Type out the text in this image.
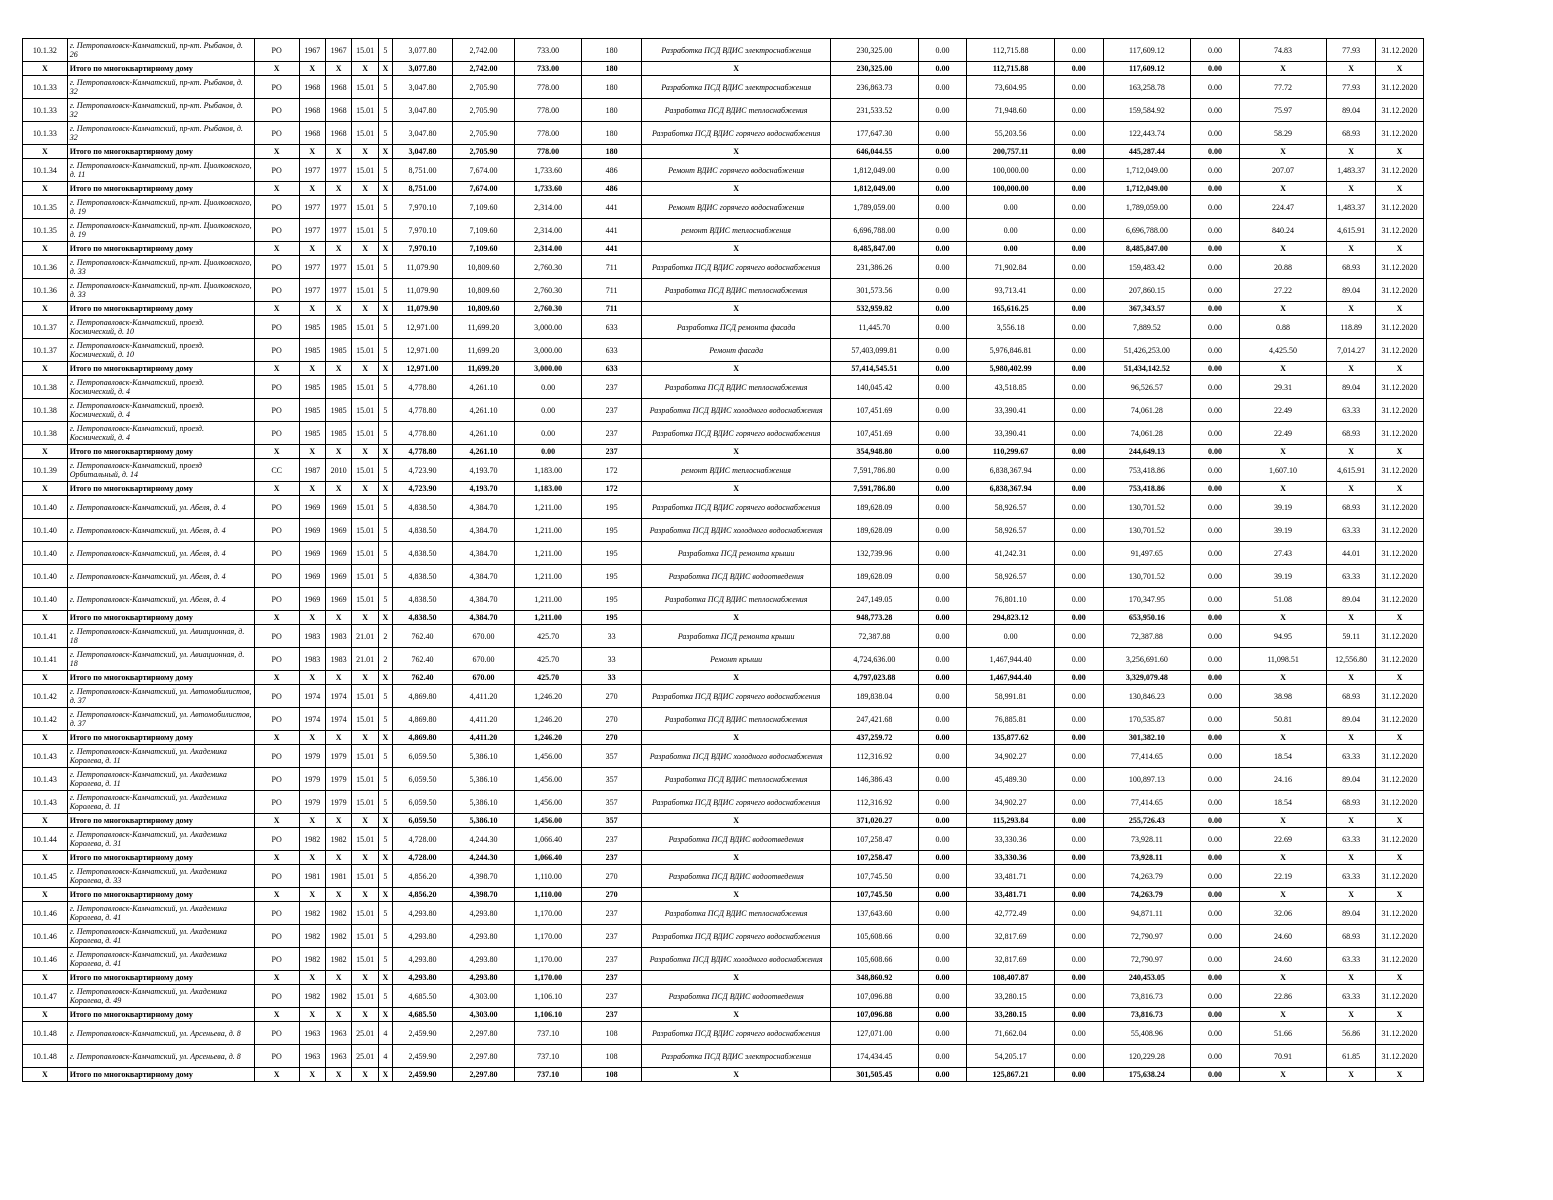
10.1.32	г. Петропавловск-Камчатский, пр-кт. Рыбаков, д. 26	PO	1967	1967	15.01	5	3,077.80	2,742.00	733.00	180	Разработка ПСД ВДИС электроснабжения	230,325.00	0.00	112,715.88	0.00	117,609.12	0.00	74.83	77.93	31.12.2020
X	Итого по многоквартирному дому	X	X	X	X	X	3,077.80	2,742.00	733.00	180	X	230,325.00	0.00	112,715.88	0.00	117,609.12	0.00	X	X	X
10.1.33	г. Петропавловск-Камчатский, пр-кт. Рыбаков, д. 32	PO	1968	1968	15.01	5	3,047.80	2,705.90	778.00	180	Разработка ПСД ВДИС электроснабжения	236,863.73	0.00	73,604.95	0.00	163,258.78	0.00	77.72	77.93	31.12.2020
10.1.33	г. Петропавловск-Камчатский, пр-кт. Рыбаков, д. 32	PO	1968	1968	15.01	5	3,047.80	2,705.90	778.00	180	Разработка ПСД ВДИС теплоснабжения	231,533.52	0.00	71,948.60	0.00	159,584.92	0.00	75.97	89.04	31.12.2020
10.1.33	г. Петропавловск-Камчатский, пр-кт. Рыбаков, д. 32	PO	1968	1968	15.01	5	3,047.80	2,705.90	778.00	180	Разработка ПСД ВДИС горячего водоснабжения	177,647.30	0.00	55,203.56	0.00	122,443.74	0.00	58.29	68.93	31.12.2020
X	Итого по многоквартирному дому	X	X	X	X	X	3,047.80	2,705.90	778.00	180	X	646,044.55	0.00	200,757.11	0.00	445,287.44	0.00	X	X	X
10.1.34	г. Петропавловск-Камчатский, пр-кт. Циолковского, д. 11	PO	1977	1977	15.01	5	8,751.00	7,674.00	1,733.60	486	Ремонт ВДИС горячего водоснабжения	1,812,049.00	0.00	100,000.00	0.00	1,712,049.00	0.00	207.07	1,483.37	31.12.2020
X	Итого по многоквартирному дому	X	X	X	X	X	8,751.00	7,674.00	1,733.60	486	X	1,812,049.00	0.00	100,000.00	0.00	1,712,049.00	0.00	X	X	X
10.1.35	г. Петропавловск-Камчатский, пр-кт. Циолковского, д. 19	PO	1977	1977	15.01	5	7,970.10	7,109.60	2,314.00	441	Ремонт ВДИС горячего водоснабжения	1,789,059.00	0.00	0.00	0.00	1,789,059.00	0.00	224.47	1,483.37	31.12.2020
10.1.35	г. Петропавловск-Камчатский, пр-кт. Циолковского, д. 19	PO	1977	1977	15.01	5	7,970.10	7,109.60	2,314.00	441	ремонт ВДИС теплоснабжения	6,696,788.00	0.00	0.00	0.00	6,696,788.00	0.00	840.24	4,615.91	31.12.2020
X	Итого по многоквартирному дому	X	X	X	X	X	7,970.10	7,109.60	2,314.00	441	X	8,485,847.00	0.00	0.00	0.00	8,485,847.00	0.00	X	X	X
10.1.36	г. Петропавловск-Камчатский, пр-кт. Циолковского, д. 33	PO	1977	1977	15.01	5	11,079.90	10,809.60	2,760.30	711	Разработка ПСД ВДИС горячего водоснабжения	231,386.26	0.00	71,902.84	0.00	159,483.42	0.00	20.88	68.93	31.12.2020
10.1.36	г. Петропавловск-Камчатский, пр-кт. Циолковского, д. 33	PO	1977	1977	15.01	5	11,079.90	10,809.60	2,760.30	711	Разработка ПСД ВДИС теплоснабжения	301,573.56	0.00	93,713.41	0.00	207,860.15	0.00	27.22	89.04	31.12.2020
X	Итого по многоквартирному дому	X	X	X	X	X	11,079.90	10,809.60	2,760.30	711	X	532,959.82	0.00	165,616.25	0.00	367,343.57	0.00	X	X	X
10.1.37	г. Петропавловск-Камчатский, проезд. Космический, д. 10	PO	1985	1985	15.01	5	12,971.00	11,699.20	3,000.00	633	Разработка ПСД ремонта фасада	11,445.70	0.00	3,556.18	0.00	7,889.52	0.00	0.88	118.89	31.12.2020
10.1.37	г. Петропавловск-Камчатский, проезд. Космический, д. 10	PO	1985	1985	15.01	5	12,971.00	11,699.20	3,000.00	633	Ремонт фасада	57,403,099.81	0.00	5,976,846.81	0.00	51,426,253.00	0.00	4,425.50	7,014.27	31.12.2020
X	Итого по многоквартирному дому	X	X	X	X	X	12,971.00	11,699.20	3,000.00	633	X	57,414,545.51	0.00	5,980,402.99	0.00	51,434,142.52	0.00	X	X	X
10.1.38	г. Петропавловск-Камчатский, проезд. Космический, д. 4	PO	1985	1985	15.01	5	4,778.80	4,261.10	0.00	237	Разработка ПСД ВДИС теплоснабжения	140,045.42	0.00	43,518.85	0.00	96,526.57	0.00	29.31	89.04	31.12.2020
10.1.38	г. Петропавловск-Камчатский, проезд. Космический, д. 4	PO	1985	1985	15.01	5	4,778.80	4,261.10	0.00	237	Разработка ПСД ВДИС холодного водоснабжения	107,451.69	0.00	33,390.41	0.00	74,061.28	0.00	22.49	63.33	31.12.2020
10.1.38	г. Петропавловск-Камчатский, проезд. Космический, д. 4	PO	1985	1985	15.01	5	4,778.80	4,261.10	0.00	237	Разработка ПСД ВДИС горячего водоснабжения	107,451.69	0.00	33,390.41	0.00	74,061.28	0.00	22.49	68.93	31.12.2020
X	Итого по многоквартирному дому	X	X	X	X	X	4,778.80	4,261.10	0.00	237	X	354,948.80	0.00	110,299.67	0.00	244,649.13	0.00	X	X	X
10.1.39	г. Петропавловск-Камчатский, проезд Орбитальный, д. 14	CC	1987	2010	15.01	5	4,723.90	4,193.70	1,183.00	172	ремонт ВДИС теплоснабжения	7,591,786.80	0.00	6,838,367.94	0.00	753,418.86	0.00	1,607.10	4,615.91	31.12.2020
X	Итого по многоквартирному дому	X	X	X	X	X	4,723.90	4,193.70	1,183.00	172	X	7,591,786.80	0.00	6,838,367.94	0.00	753,418.86	0.00	X	X	X
10.1.40	г. Петропавловск-Камчатский, ул. Абеля, д. 4	PO	1969	1969	15.01	5	4,838.50	4,384.70	1,211.00	195	Разработка ПСД ВДИС горячего водоснабжения	189,628.09	0.00	58,926.57	0.00	130,701.52	0.00	39.19	68.93	31.12.2020
10.1.40	г. Петропавловск-Камчатский, ул. Абеля, д. 4	PO	1969	1969	15.01	5	4,838.50	4,384.70	1,211.00	195	Разработка ПСД ВДИС холодного водоснабжения	189,628.09	0.00	58,926.57	0.00	130,701.52	0.00	39.19	63.33	31.12.2020
10.1.40	г. Петропавловск-Камчатский, ул. Абеля, д. 4	PO	1969	1969	15.01	5	4,838.50	4,384.70	1,211.00	195	Разработка ПСД ремонта крыши	132,739.96	0.00	41,242.31	0.00	91,497.65	0.00	27.43	44.01	31.12.2020
10.1.40	г. Петропавловск-Камчатский, ул. Абеля, д. 4	PO	1969	1969	15.01	5	4,838.50	4,384.70	1,211.00	195	Разработка ПСД ВДИС водоотведения	189,628.09	0.00	58,926.57	0.00	130,701.52	0.00	39.19	63.33	31.12.2020
10.1.40	г. Петропавловск-Камчатский, ул. Абеля, д. 4	PO	1969	1969	15.01	5	4,838.50	4,384.70	1,211.00	195	Разработка ПСД ВДИС теплоснабжения	247,149.05	0.00	76,801.10	0.00	170,347.95	0.00	51.08	89.04	31.12.2020
X	Итого по многоквартирному дому	X	X	X	X	X	4,838.50	4,384.70	1,211.00	195	X	948,773.28	0.00	294,823.12	0.00	653,950.16	0.00	X	X	X
10.1.41	г. Петропавловск-Камчатский, ул. Авиационная, д. 18	PO	1983	1983	21.01	2	762.40	670.00	425.70	33	Разработка ПСД ремонта крыши	72,387.88	0.00	0.00	0.00	72,387.88	0.00	94.95	59.11	31.12.2020
10.1.41	г. Петропавловск-Камчатский, ул. Авиационная, д. 18	PO	1983	1983	21.01	2	762.40	670.00	425.70	33	Ремонт крыши	4,724,636.00	0.00	1,467,944.40	0.00	3,256,691.60	0.00	11,098.51	12,556.80	31.12.2020
X	Итого по многоквартирному дому	X	X	X	X	X	762.40	670.00	425.70	33	X	4,797,023.88	0.00	1,467,944.40	0.00	3,329,079.48	0.00	X	X	X
10.1.42	г. Петропавловск-Камчатский, ул. Автомобилистов, д. 37	PO	1974	1974	15.01	5	4,869.80	4,411.20	1,246.20	270	Разработка ПСД ВДИС горячего водоснабжения	189,838.04	0.00	58,991.81	0.00	130,846.23	0.00	38.98	68.93	31.12.2020
10.1.42	г. Петропавловск-Камчатский, ул. Автомобилистов, д. 37	PO	1974	1974	15.01	5	4,869.80	4,411.20	1,246.20	270	Разработка ПСД ВДИС теплоснабжения	247,421.68	0.00	76,885.81	0.00	170,535.87	0.00	50.81	89.04	31.12.2020
X	Итого по многоквартирному дому	X	X	X	X	X	4,869.80	4,411.20	1,246.20	270	X	437,259.72	0.00	135,877.62	0.00	301,382.10	0.00	X	X	X
10.1.43	г. Петропавловск-Камчатский, ул. Академика Королева, д. 11	PO	1979	1979	15.01	5	6,059.50	5,386.10	1,456.00	357	Разработка ПСД ВДИС холодного водоснабжения	112,316.92	0.00	34,902.27	0.00	77,414.65	0.00	18.54	63.33	31.12.2020
10.1.43	г. Петропавловск-Камчатский, ул. Академика Королева, д. 11	PO	1979	1979	15.01	5	6,059.50	5,386.10	1,456.00	357	Разработка ПСД ВДИС теплоснабжения	146,386.43	0.00	45,489.30	0.00	100,897.13	0.00	24.16	89.04	31.12.2020
10.1.43	г. Петропавловск-Камчатский, ул. Академика Королева, д. 11	PO	1979	1979	15.01	5	6,059.50	5,386.10	1,456.00	357	Разработка ПСД ВДИС горячего водоснабжения	112,316.92	0.00	34,902.27	0.00	77,414.65	0.00	18.54	68.93	31.12.2020
X	Итого по многоквартирному дому	X	X	X	X	X	6,059.50	5,386.10	1,456.00	357	X	371,020.27	0.00	115,293.84	0.00	255,726.43	0.00	X	X	X
10.1.44	г. Петропавловск-Камчатский, ул. Академика Королева, д. 31	PO	1982	1982	15.01	5	4,728.00	4,244.30	1,066.40	237	Разработка ПСД ВДИС водоотведения	107,258.47	0.00	33,330.36	0.00	73,928.11	0.00	22.69	63.33	31.12.2020
X	Итого по многоквартирному дому	X	X	X	X	X	4,728.00	4,244.30	1,066.40	237	X	107,258.47	0.00	33,330.36	0.00	73,928.11	0.00	X	X	X
10.1.45	г. Петропавловск-Камчатский, ул. Академика Королева, д. 33	PO	1981	1981	15.01	5	4,856.20	4,398.70	1,110.00	270	Разработка ПСД ВДИС водоотведения	107,745.50	0.00	33,481.71	0.00	74,263.79	0.00	22.19	63.33	31.12.2020
X	Итого по многоквартирному дому	X	X	X	X	X	4,856.20	4,398.70	1,110.00	270	X	107,745.50	0.00	33,481.71	0.00	74,263.79	0.00	X	X	X
10.1.46	г. Петропавловск-Камчатский, ул. Академика Королева, д. 41	PO	1982	1982	15.01	5	4,293.80	4,293.80	1,170.00	237	Разработка ПСД ВДИС теплоснабжения	137,643.60	0.00	42,772.49	0.00	94,871.11	0.00	32.06	89.04	31.12.2020
10.1.46	г. Петропавловск-Камчатский, ул. Академика Королева, д. 41	PO	1982	1982	15.01	5	4,293.80	4,293.80	1,170.00	237	Разработка ПСД ВДИС горячего водоснабжения	105,608.66	0.00	32,817.69	0.00	72,790.97	0.00	24.60	68.93	31.12.2020
10.1.46	г. Петропавловск-Камчатский, ул. Академика Королева, д. 41	PO	1982	1982	15.01	5	4,293.80	4,293.80	1,170.00	237	Разработка ПСД ВДИС холодного водоснабжения	105,608.66	0.00	32,817.69	0.00	72,790.97	0.00	24.60	63.33	31.12.2020
X	Итого по многоквартирному дому	X	X	X	X	X	4,293.80	4,293.80	1,170.00	237	X	348,860.92	0.00	108,407.87	0.00	240,453.05	0.00	X	X	X
10.1.47	г. Петропавловск-Камчатский, ул. Академика Королева, д. 49	PO	1982	1982	15.01	5	4,685.50	4,303.00	1,106.10	237	Разработка ПСД ВДИС водоотведения	107,096.88	0.00	33,280.15	0.00	73,816.73	0.00	22.86	63.33	31.12.2020
X	Итого по многоквартирному дому	X	X	X	X	X	4,685.50	4,303.00	1,106.10	237	X	107,096.88	0.00	33,280.15	0.00	73,816.73	0.00	X	X	X
10.1.48	г. Петропавловск-Камчатский, ул. Арсеньева, д. 8	PO	1963	1963	25.01	4	2,459.90	2,297.80	737.10	108	Разработка ПСД ВДИС горячего водоснабжения	127,071.00	0.00	71,662.04	0.00	55,408.96	0.00	51.66	56.86	31.12.2020
10.1.48	г. Петропавловск-Камчатский, ул. Арсеньева, д. 8	PO	1963	1963	25.01	4	2,459.90	2,297.80	737.10	108	Разработка ПСД ВДИС электроснабжения	174,434.45	0.00	54,205.17	0.00	120,229.28	0.00	70.91	61.85	31.12.2020
X	Итого по многоквартирному дому	X	X	X	X	X	2,459.90	2,297.80	737.10	108	X	301,505.45	0.00	125,867.21	0.00	175,638.24	0.00	X	X	X
